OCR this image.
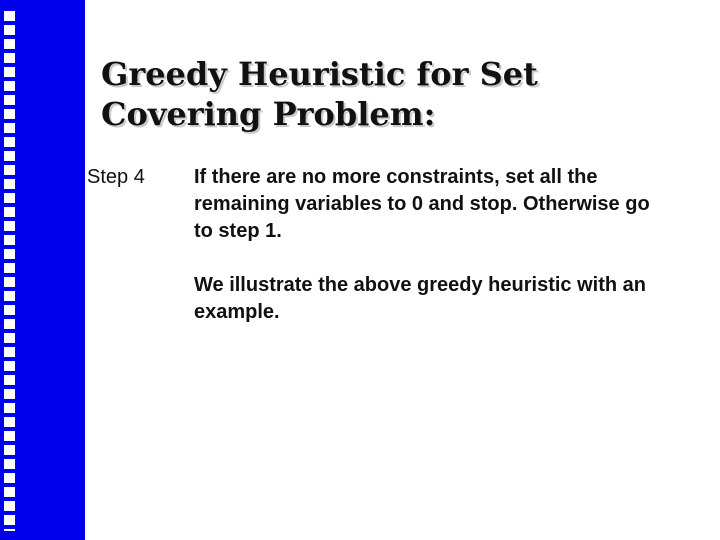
Greedy Heuristic for Set Covering Problem:
Step 4 If there are no more constraints, set all the remaining variables to 0 and stop. Otherwise go to step 1.

We illustrate the above greedy heuristic with an example.
